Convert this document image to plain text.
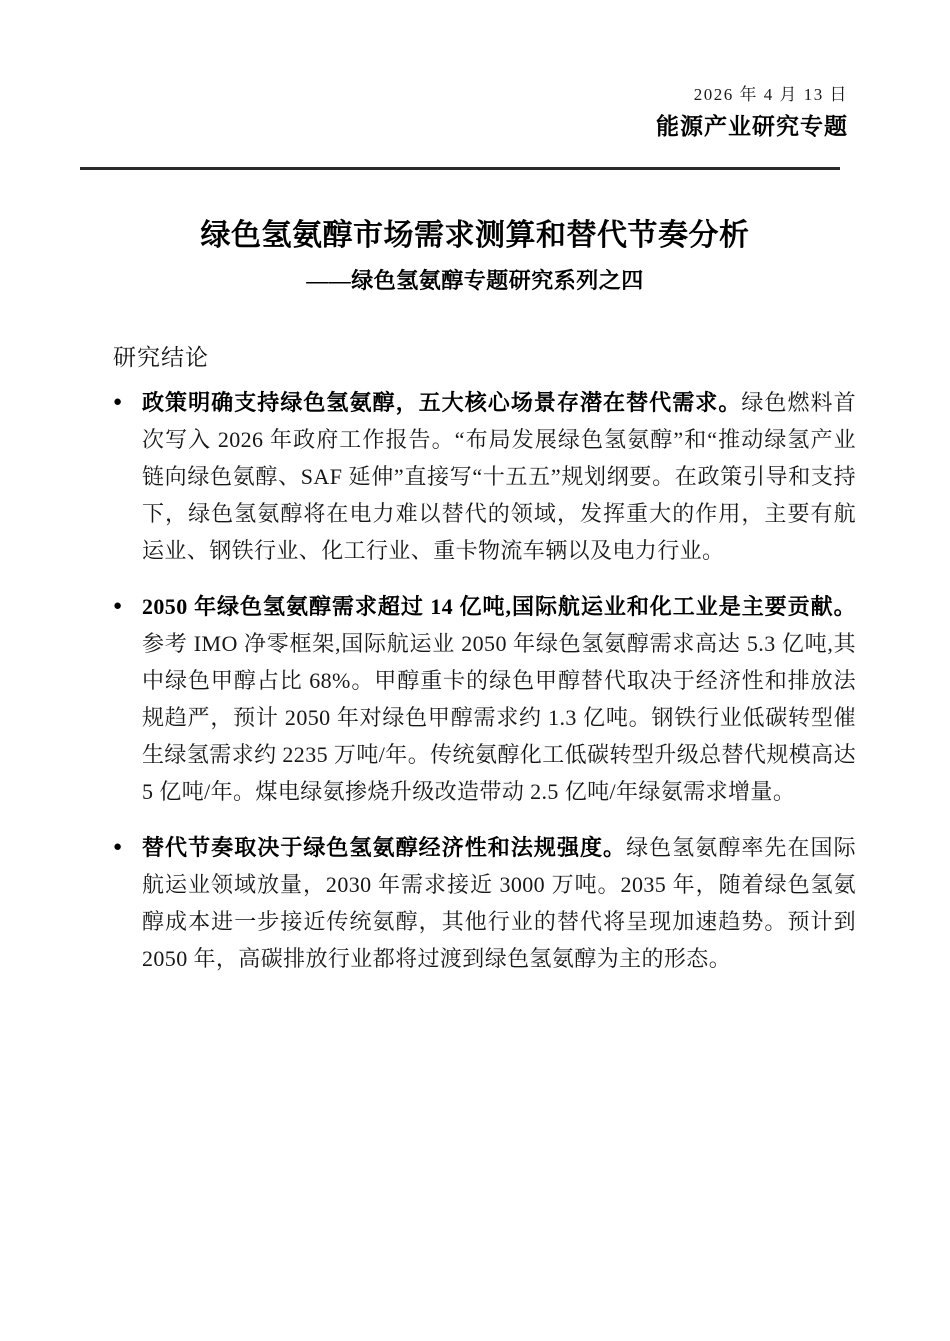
2026 年 4 月 13 日
能源产业研究专题
绿色氢氨醇市场需求测算和替代节奏分析
——绿色氢氨醇专题研究系列之四
研究结论
● 政策明确支持绿色氢氨醇，五大核心场景存潜在替代需求。绿色燃料首次写入 2026 年政府工作报告。“布局发展绿色氢氨醇”和“推动绿氢产业链向绿色氨醇、SAF 延伸”直接写“十五五”规划纲要。在政策引导和支持下，绿色氢氨醇将在电力难以替代的领域，发挥重大的作用，主要有航运业、钢铁行业、化工行业、重卡物流车辆以及电力行业。
● 2050 年绿色氢氨醇需求超过 14 亿吨,国际航运业和化工业是主要贡献。参考 IMO 净零框架,国际航运业 2050 年绿色氢氨醇需求高达 5.3 亿吨,其中绿色甲醇占比 68%。甲醇重卡的绿色甲醇替代取决于经济性和排放法规趋严，预计 2050 年对绿色甲醇需求约 1.3 亿吨。钢铁行业低碳转型催生绿氢需求约 2235 万吨/年。传统氨醇化工低碳转型升级总替代规模高达 5 亿吨/年。煤电绿氨掺烧升级改造带动 2.5 亿吨/年绿氨需求增量。
● 替代节奏取决于绿色氢氨醇经济性和法规强度。绿色氢氨醇率先在国际航运业领域放量，2030 年需求接近 3000 万吨。2035 年，随着绿色氢氨醇成本进一步接近传统氨醇，其他行业的替代将呈现加速趋势。预计到 2050 年，高碳排放行业都将过渡到绿色氢氨醇为主的形态。
